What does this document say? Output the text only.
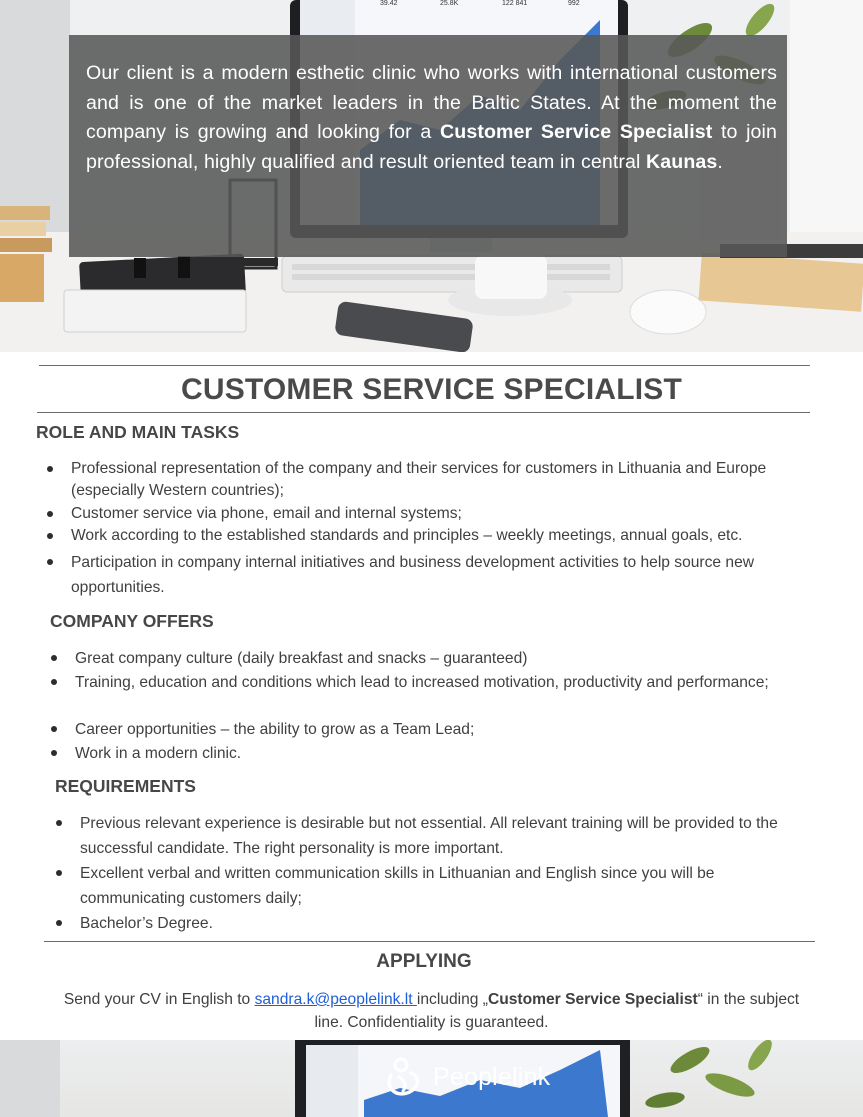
39.42	25.8K	122 841	992

Our client is a modern esthetic clinic who works with international customers and is one of the market leaders in the Baltic States. At the moment the company is growing and looking for a Customer Service Specialist to join professional, highly qualified and result oriented team in central Kaunas.

CUSTOMER SERVICE SPECIALIST
ROLE AND MAIN TASKS
Professional representation of the company and their services for customers in Lithuania and Europe (especially Western countries);
Customer service via phone, email and internal systems;
Work according to the established standards and principles – weekly meetings, annual goals, etc.
Participation in company internal initiatives and business development activities to help source new opportunities.
COMPANY OFFERS
Great company culture (daily breakfast and snacks – guaranteed)
Training, education and conditions which lead to increased motivation, productivity and performance;
Career opportunities – the ability to grow as a Team Lead;
Work in a modern clinic.
REQUIREMENTS
Previous relevant experience is desirable but not essential. All relevant training will be provided to the successful candidate. The right personality is more important.
Excellent verbal and written communication skills in Lithuanian and English since you will be communicating customers daily;
Bachelor’s Degree.
APPLYING

Send your CV in English to sandra.k@peoplelink.lt including „Customer Service Specialist“ in the subject line. Confidentiality is guaranteed.

Peoplelink
